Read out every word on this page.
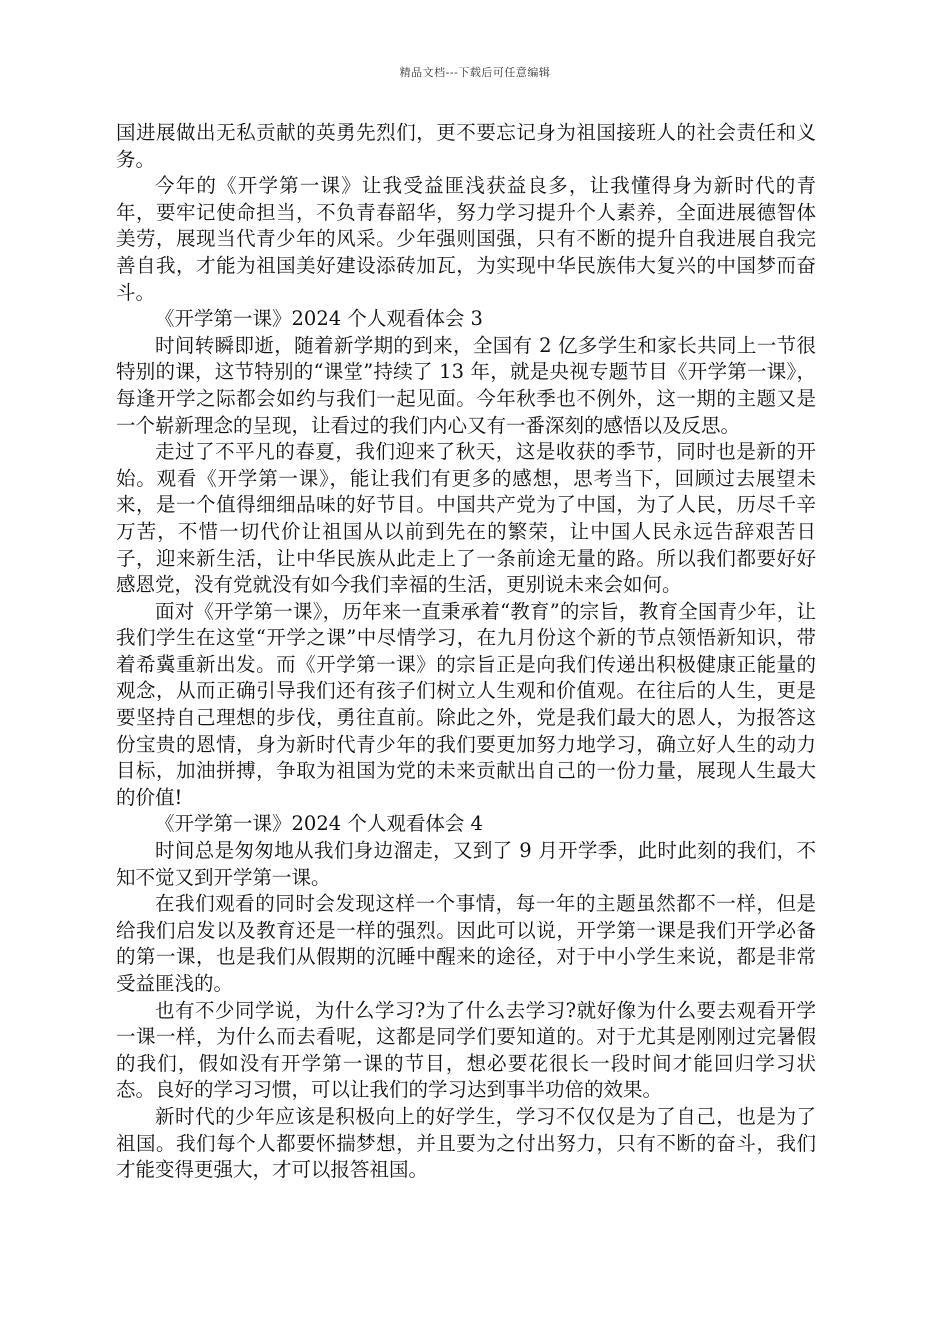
精品文档---下载后可任意编辑

国进展做出无私贡献的英勇先烈们，更不要忘记身为祖国接班人的社会责任和义务。

今年的《开学第一课》让我受益匪浅获益良多，让我懂得身为新时代的青年，要牢记使命担当，不负青春韶华，努力学习提升个人素养，全面进展德智体美劳，展现当代青少年的风采。少年强则国强，只有不断的提升自我进展自我完善自我，才能为祖国美好建设添砖加瓦，为实现中华民族伟大复兴的中国梦而奋斗。

《开学第一课》2024 个人观看体会 3

时间转瞬即逝，随着新学期的到来，全国有 2 亿多学生和家长共同上一节很特别的课，这节特别的“课堂”持续了 13 年，就是央视专题节目《开学第一课》，每逢开学之际都会如约与我们一起见面。今年秋季也不例外，这一期的主题又是一个崭新理念的呈现，让看过的我们内心又有一番深刻的感悟以及反思。

走过了不平凡的春夏，我们迎来了秋天，这是收获的季节，同时也是新的开始。观看《开学第一课》，能让我们有更多的感想，思考当下，回顾过去展望未来，是一个值得细细品味的好节目。中国共产党为了中国，为了人民，历尽千辛万苦，不惜一切代价让祖国从以前到先在的繁荣，让中国人民永远告辞艰苦日子，迎来新生活，让中华民族从此走上了一条前途无量的路。所以我们都要好好感恩党，没有党就没有如今我们幸福的生活，更别说未来会如何。

面对《开学第一课》，历年来一直秉承着“教育”的宗旨，教育全国青少年，让我们学生在这堂“开学之课”中尽情学习，在九月份这个新的节点领悟新知识，带着希冀重新出发。而《开学第一课》的宗旨正是向我们传递出积极健康正能量的观念，从而正确引导我们还有孩子们树立人生观和价值观。在往后的人生，更是要坚持自己理想的步伐，勇往直前。除此之外，党是我们最大的恩人，为报答这份宝贵的恩情，身为新时代青少年的我们要更加努力地学习，确立好人生的动力目标，加油拼搏，争取为祖国为党的未来贡献出自己的一份力量，展现人生最大的价值!

《开学第一课》2024 个人观看体会 4

时间总是匆匆地从我们身边溜走，又到了 9 月开学季，此时此刻的我们，不知不觉又到开学第一课。

在我们观看的同时会发现这样一个事情，每一年的主题虽然都不一样，但是给我们启发以及教育还是一样的强烈。因此可以说，开学第一课是我们开学必备的第一课，也是我们从假期的沉睡中醒来的途径，对于中小学生来说，都是非常受益匪浅的。

也有不少同学说，为什么学习?为了什么去学习?就好像为什么要去观看开学一课一样，为什么而去看呢，这都是同学们要知道的。对于尤其是刚刚过完暑假的我们，假如没有开学第一课的节目，想必要花很长一段时间才能回归学习状态。良好的学习习惯，可以让我们的学习达到事半功倍的效果。

新时代的少年应该是积极向上的好学生，学习不仅仅是为了自己，也是为了祖国。我们每个人都要怀揣梦想，并且要为之付出努力，只有不断的奋斗，我们才能变得更强大，才可以报答祖国。
